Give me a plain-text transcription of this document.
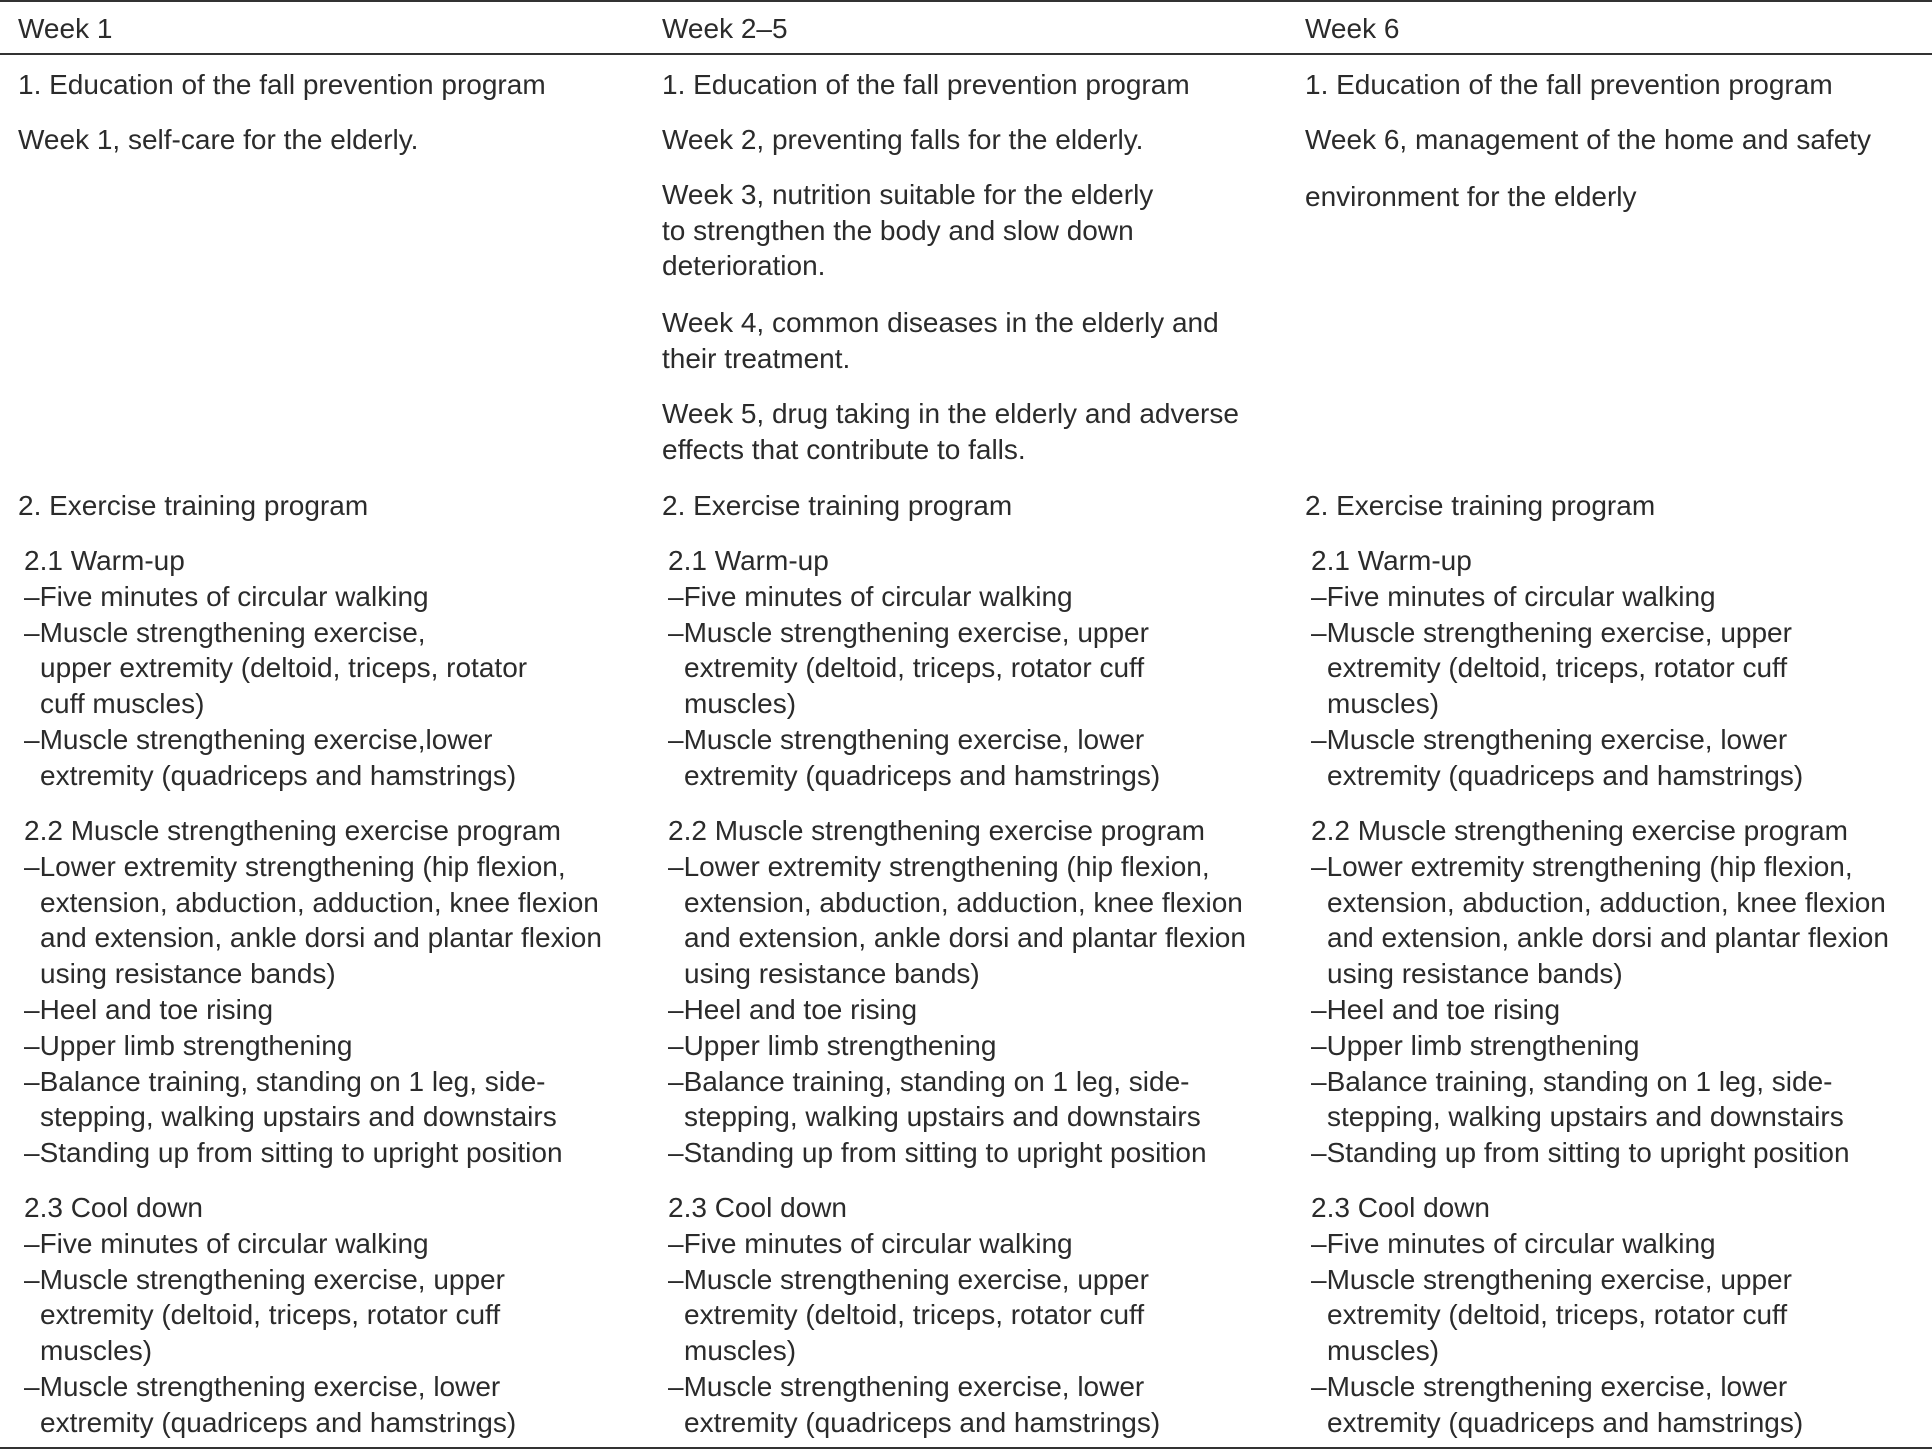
Week 1
1. Education of the fall prevention program
Week 1, self-care for the elderly.
2. Exercise training program
2.1 Warm-up
–Five minutes of circular walking
–Muscle strengthening exercise,
upper extremity (deltoid, triceps, rotator
cuff muscles)
–Muscle strengthening exercise,lower
extremity (quadriceps and hamstrings)
2.2 Muscle strengthening exercise program
–Lower extremity strengthening (hip flexion,
extension, abduction, adduction, knee flexion
and extension, ankle dorsi and plantar flexion
using resistance bands)
–Heel and toe rising
–Upper limb strengthening
–Balance training, standing on 1 leg, side-
stepping, walking upstairs and downstairs
–Standing up from sitting to upright position
2.3 Cool down
–Five minutes of circular walking
–Muscle strengthening exercise, upper
extremity (deltoid, triceps, rotator cuff
muscles)
–Muscle strengthening exercise, lower
extremity (quadriceps and hamstrings)
Week 2–5
1. Education of the fall prevention program
Week 2, preventing falls for the elderly.
Week 3, nutrition suitable for the elderly
to strengthen the body and slow down
deterioration.
Week 4, common diseases in the elderly and
their treatment.
Week 5, drug taking in the elderly and adverse
effects that contribute to falls.
2. Exercise training program
2.1 Warm-up
–Five minutes of circular walking
–Muscle strengthening exercise, upper
extremity (deltoid, triceps, rotator cuff
muscles)
–Muscle strengthening exercise, lower
extremity (quadriceps and hamstrings)
2.2 Muscle strengthening exercise program
–Lower extremity strengthening (hip flexion,
extension, abduction, adduction, knee flexion
and extension, ankle dorsi and plantar flexion
using resistance bands)
–Heel and toe rising
–Upper limb strengthening
–Balance training, standing on 1 leg, side-
stepping, walking upstairs and downstairs
–Standing up from sitting to upright position
2.3 Cool down
–Five minutes of circular walking
–Muscle strengthening exercise, upper
extremity (deltoid, triceps, rotator cuff
muscles)
–Muscle strengthening exercise, lower
extremity (quadriceps and hamstrings)
Week 6
1. Education of the fall prevention program
Week 6, management of the home and safety
environment for the elderly
2. Exercise training program
2.1 Warm-up
–Five minutes of circular walking
–Muscle strengthening exercise, upper
extremity (deltoid, triceps, rotator cuff
muscles)
–Muscle strengthening exercise, lower
extremity (quadriceps and hamstrings)
2.2 Muscle strengthening exercise program
–Lower extremity strengthening (hip flexion,
extension, abduction, adduction, knee flexion
and extension, ankle dorsi and plantar flexion
using resistance bands)
–Heel and toe rising
–Upper limb strengthening
–Balance training, standing on 1 leg, side-
stepping, walking upstairs and downstairs
–Standing up from sitting to upright position
2.3 Cool down
–Five minutes of circular walking
–Muscle strengthening exercise, upper
extremity (deltoid, triceps, rotator cuff
muscles)
–Muscle strengthening exercise, lower
extremity (quadriceps and hamstrings)
